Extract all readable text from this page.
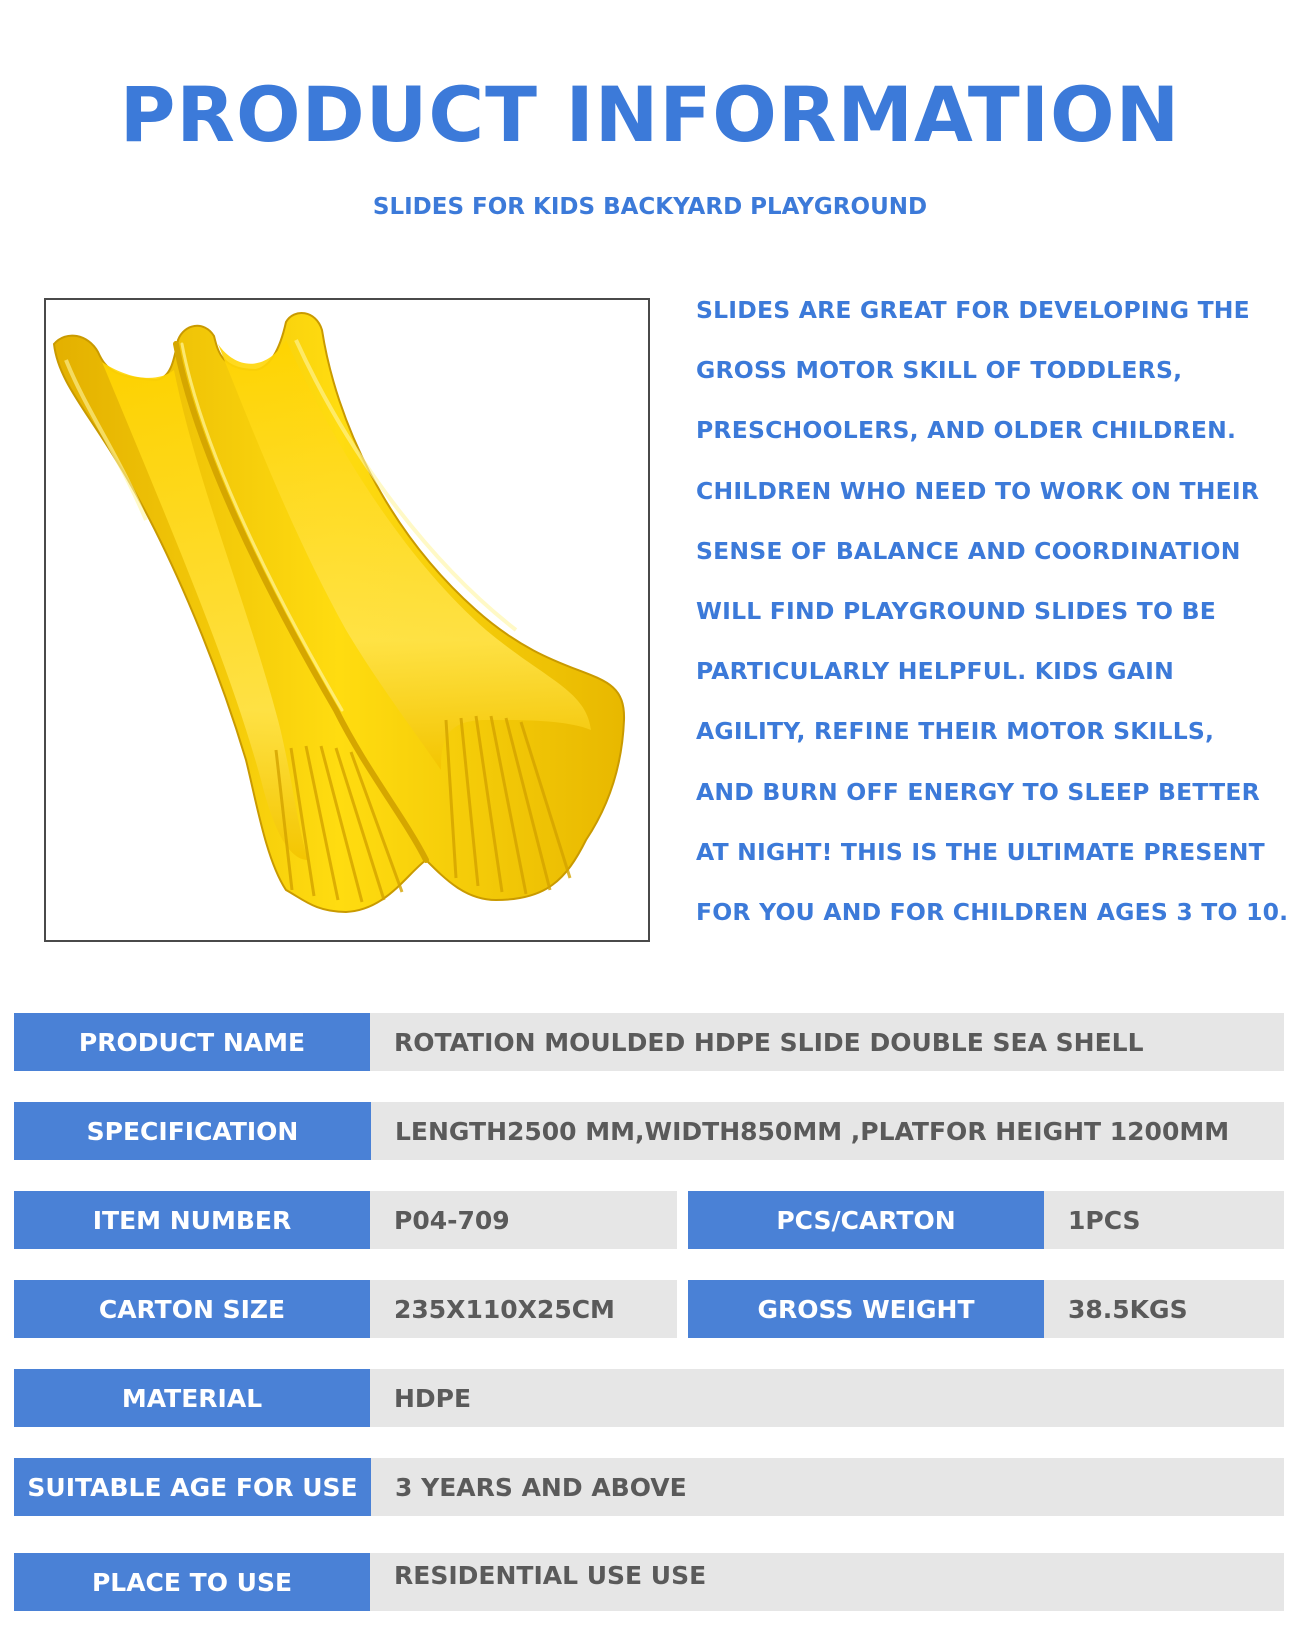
PRODUCT INFORMATION
SLIDES FOR KIDS BACKYARD PLAYGROUND
SLIDES ARE GREAT FOR DEVELOPING THE
GROSS MOTOR SKILL OF TODDLERS,
PRESCHOOLERS, AND OLDER CHILDREN.
CHILDREN WHO NEED TO WORK ON THEIR
SENSE OF BALANCE AND COORDINATION
WILL FIND PLAYGROUND SLIDES TO BE
PARTICULARLY HELPFUL. KIDS GAIN
AGILITY, REFINE THEIR MOTOR SKILLS,
AND BURN OFF ENERGY TO SLEEP BETTER
AT NIGHT! THIS IS THE ULTIMATE PRESENT
FOR YOU AND FOR CHILDREN AGES 3 TO 10.
PRODUCT NAME	ROTATION MOULDED HDPE SLIDE DOUBLE SEA SHELL
SPECIFICATION	LENGTH2500 MM,WIDTH850MM ,PLATFOR HEIGHT 1200MM
ITEM NUMBER	P04-709	PCS/CARTON	1PCS
CARTON SIZE	235X110X25CM	GROSS WEIGHT	38.5KGS
MATERIAL	HDPE
SUITABLE AGE FOR USE	3 YEARS AND ABOVE
PLACE TO USE	RESIDENTIAL USE USE
